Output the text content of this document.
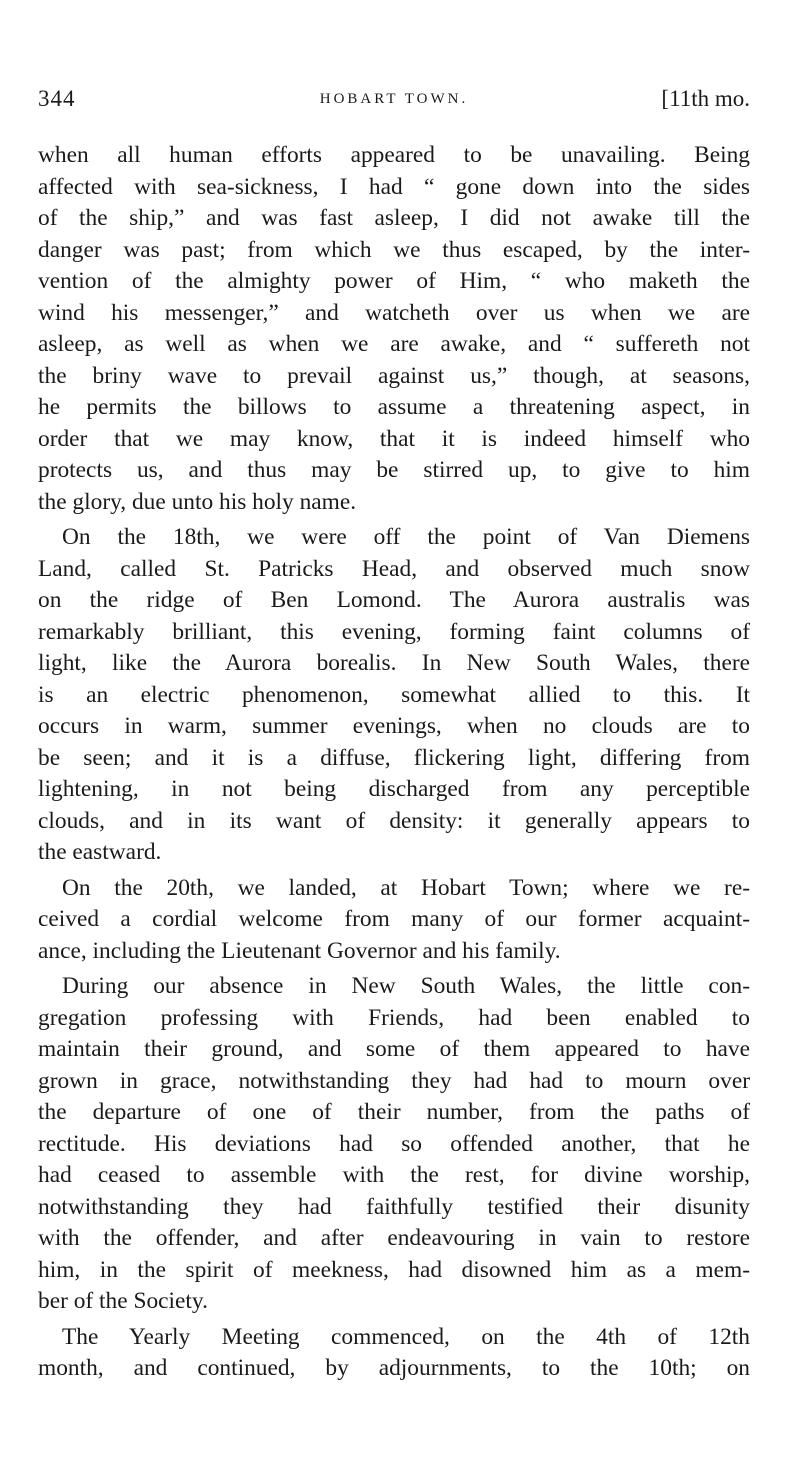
344	HOBART TOWN.	[11th mo.
when all human efforts appeared to be unavailing. Being
affected with sea-sickness, I had “ gone down into the sides
of the ship,” and was fast asleep, I did not awake till the
danger was past; from which we thus escaped, by the inter-
vention of the almighty power of Him, “ who maketh the
wind his messenger,” and watcheth over us when we are
asleep, as well as when we are awake, and “ suffereth not
the briny wave to prevail against us,” though, at seasons,
he permits the billows to assume a threatening aspect, in
order that we may know, that it is indeed himself who
protects us, and thus may be stirred up, to give to him
the glory, due unto his holy name.
On the 18th, we were off the point of Van Diemens
Land, called St. Patricks Head, and observed much snow
on the ridge of Ben Lomond. The Aurora australis was
remarkably brilliant, this evening, forming faint columns of
light, like the Aurora borealis. In New South Wales, there
is an electric phenomenon, somewhat allied to this. It
occurs in warm, summer evenings, when no clouds are to
be seen; and it is a diffuse, flickering light, differing from
lightening, in not being discharged from any perceptible
clouds, and in its want of density: it generally appears to
the eastward.
On the 20th, we landed, at Hobart Town; where we re-
ceived a cordial welcome from many of our former acquaint-
ance, including the Lieutenant Governor and his family.
During our absence in New South Wales, the little con-
gregation professing with Friends, had been enabled to
maintain their ground, and some of them appeared to have
grown in grace, notwithstanding they had had to mourn over
the departure of one of their number, from the paths of
rectitude. His deviations had so offended another, that he
had ceased to assemble with the rest, for divine worship,
notwithstanding they had faithfully testified their disunity
with the offender, and after endeavouring in vain to restore
him, in the spirit of meekness, had disowned him as a mem-
ber of the Society.
The Yearly Meeting commenced, on the 4th of 12th
month, and continued, by adjournments, to the 10th; on
